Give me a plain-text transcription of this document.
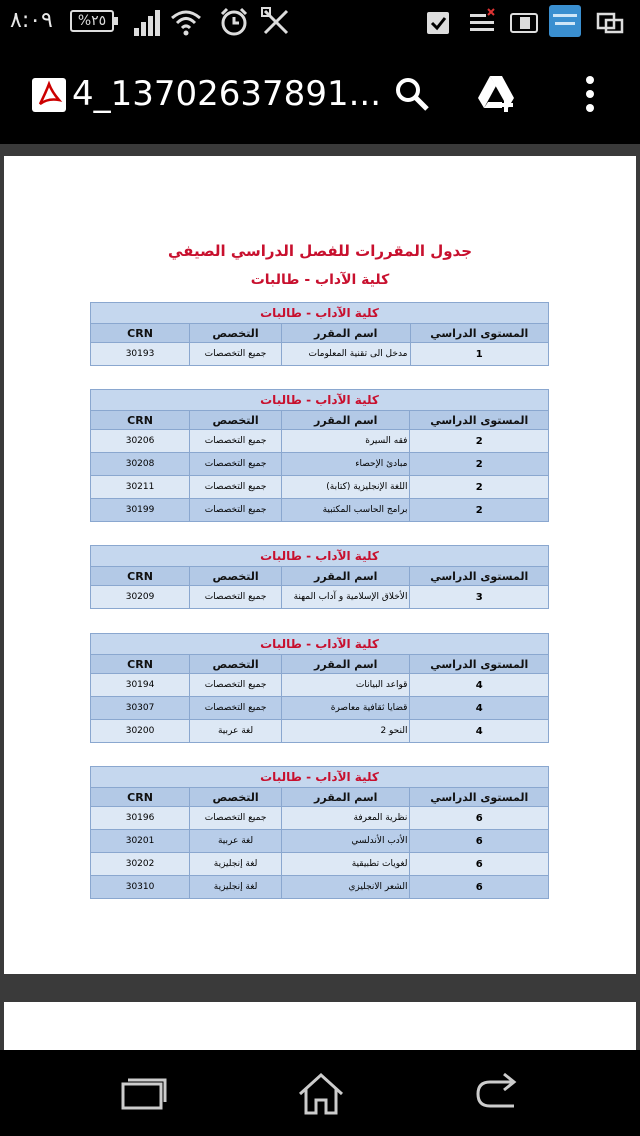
٨:٠٩	%٢٥
4_13702637891...
جدول المقررات للفصل الدراسي الصيفي
كلية الآداب - طالبات
كلية الآداب - طالبات			
المستوى الدراسي	اسم المقرر	التخصص	CRN
1	مدخل الى تقنية المعلومات	جميع التخصصات	30193
كلية الآداب - طالبات			
المستوى الدراسي	اسم المقرر	التخصص	CRN
2	فقه السيرة	جميع التخصصات	30206
2	مبادئ الإحصاء	جميع التخصصات	30208
2	اللغة الإنجليزية (كتابة)	جميع التخصصات	30211
2	برامج الحاسب المكتبية	جميع التخصصات	30199
كلية الآداب - طالبات			
المستوى الدراسي	اسم المقرر	التخصص	CRN
3	الأخلاق الإسلامية و آداب المهنة	جميع التخصصات	30209
كلية الآداب - طالبات			
المستوى الدراسي	اسم المقرر	التخصص	CRN
4	قواعد البيانات	جميع التخصصات	30194
4	قضايا ثقافية معاصرة	جميع التخصصات	30307
4	النحو 2	لغة عربية	30200
كلية الآداب - طالبات			
المستوى الدراسي	اسم المقرر	التخصص	CRN
6	نظرية المعرفة	جميع التخصصات	30196
6	الأدب الأندلسي	لغة عربية	30201
6	لغويات تطبيقية	لغة إنجليزية	30202
6	الشعر الانجليزي	لغة إنجليزية	30310
